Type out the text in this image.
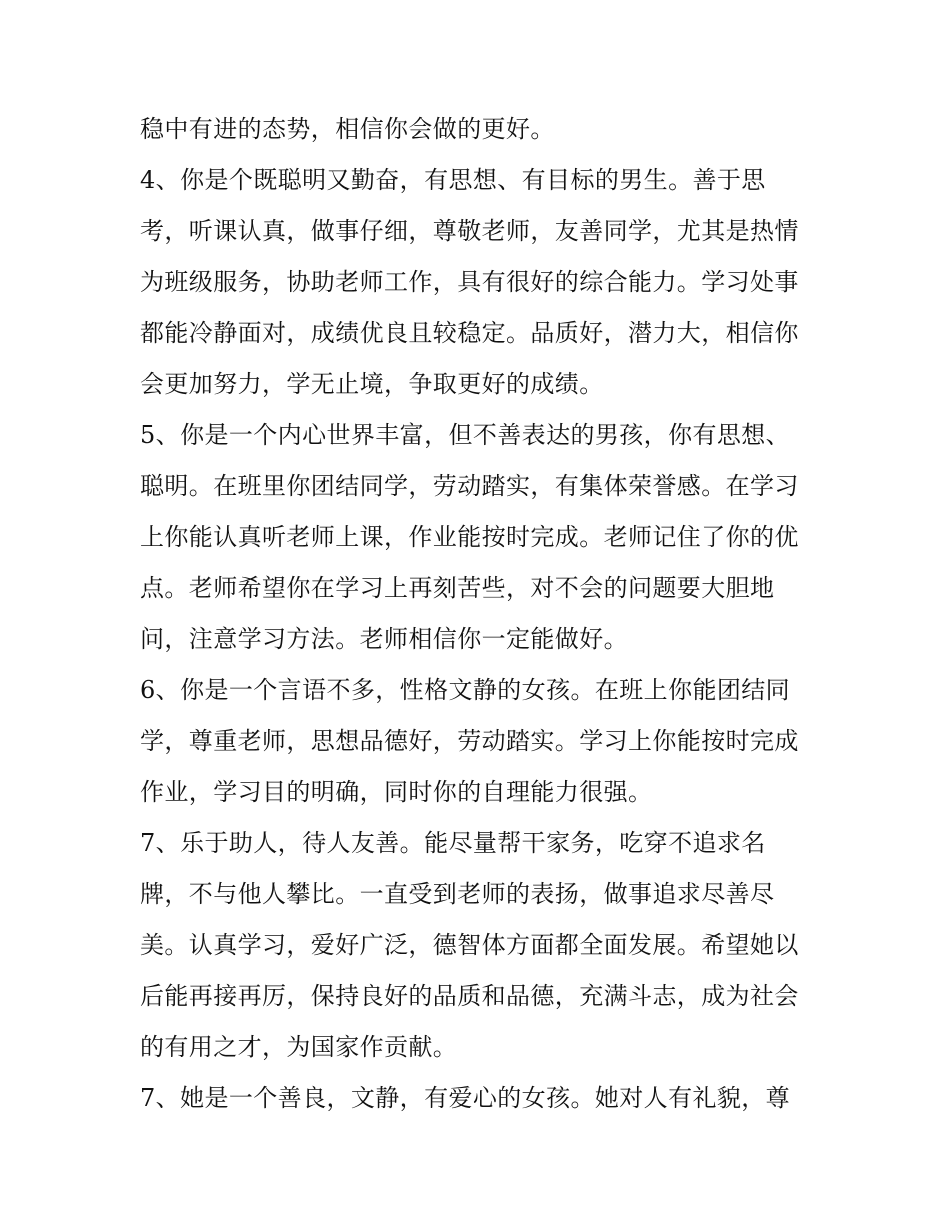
稳中有进的态势，相信你会做的更好。
4、你是个既聪明又勤奋，有思想、有目标的男生。善于思
考，听课认真，做事仔细，尊敬老师，友善同学，尤其是热情
为班级服务，协助老师工作，具有很好的综合能力。学习处事
都能冷静面对，成绩优良且较稳定。品质好，潜力大，相信你
会更加努力，学无止境，争取更好的成绩。
5、你是一个内心世界丰富，但不善表达的男孩，你有思想、
聪明。在班里你团结同学，劳动踏实，有集体荣誉感。在学习
上你能认真听老师上课，作业能按时完成。老师记住了你的优
点。老师希望你在学习上再刻苦些，对不会的问题要大胆地
问，注意学习方法。老师相信你一定能做好。
6、你是一个言语不多，性格文静的女孩。在班上你能团结同
学，尊重老师，思想品德好，劳动踏实。学习上你能按时完成
作业，学习目的明确，同时你的自理能力很强。
7、乐于助人，待人友善。能尽量帮干家务，吃穿不追求名
牌，不与他人攀比。一直受到老师的表扬，做事追求尽善尽
美。认真学习，爱好广泛，德智体方面都全面发展。希望她以
后能再接再厉，保持良好的品质和品德，充满斗志，成为社会
的有用之才，为国家作贡献。
7、她是一个善良，文静，有爱心的女孩。她对人有礼貌，尊
